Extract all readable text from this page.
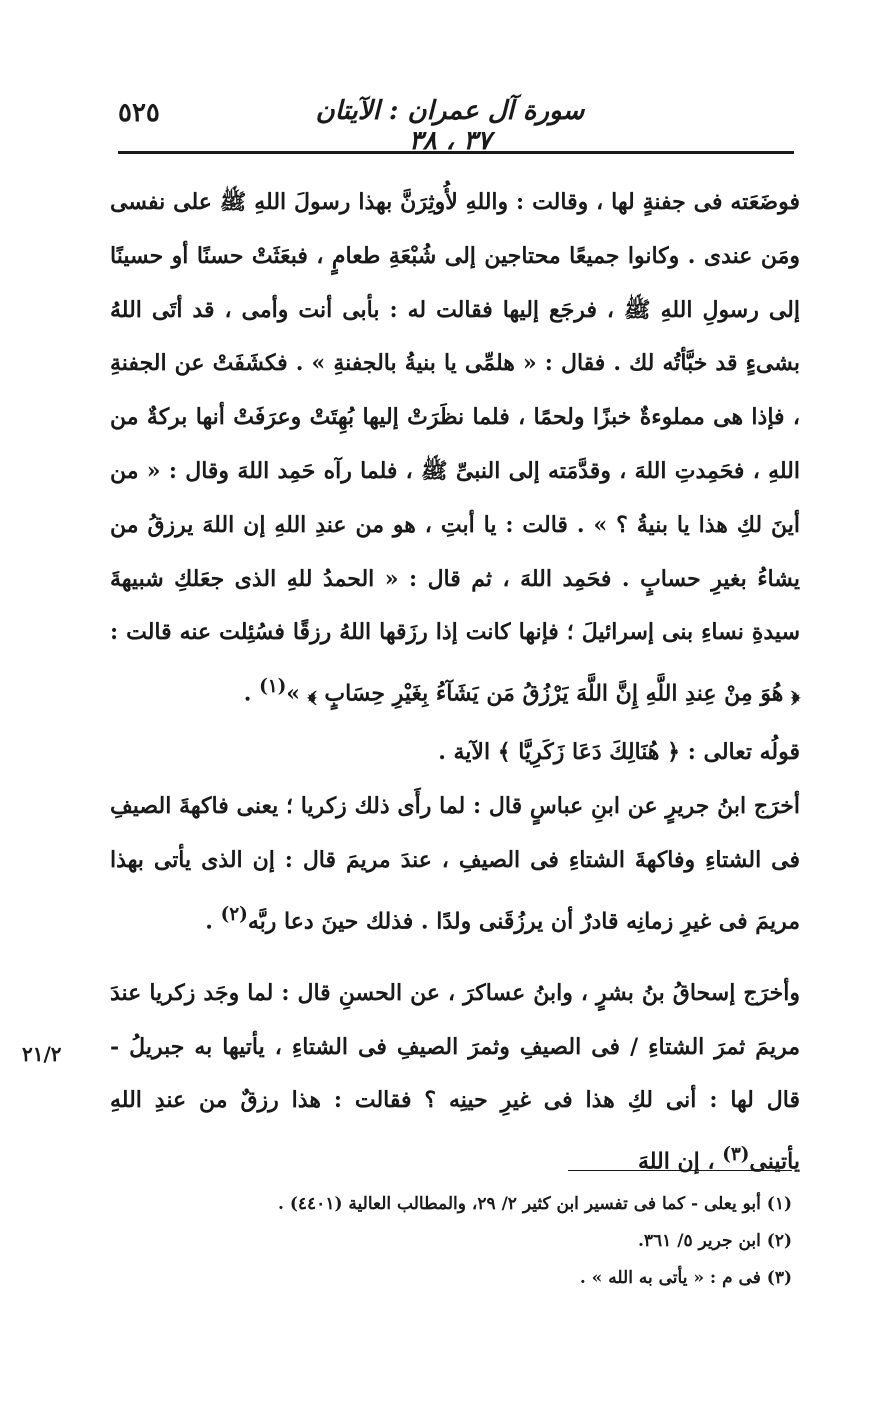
٥٢٥	سورة آل عمران : الآيتان ٣٧ ، ٣٨

فوضَعَته فى جفنةٍ لها ، وقالت : واللهِ لأُوثِرَنَّ بهذا رسولَ اللهِ ﷺ على نفسى ومَن عندى . وكانوا جميعًا محتاجين إلى شُبْعَةِ طعامٍ ، فبعَثَتْ حسنًا أو حسينًا إلى رسولِ اللهِ ﷺ ، فرجَع إليها فقالت له : بأبى أنت وأمى ، قد أتَى اللهُ بشىءٍ قد خبَّأتُه لك . فقال : « هلمِّى يا بنيةُ بالجفنةِ » . فكشَفَتْ عن الجفنةِ ، فإذا هى مملوءةٌ خبزًا ولحمًا ، فلما نظَرَتْ إليها بُهِتَتْ وعرَفَتْ أنها بركةٌ من اللهِ ، فحَمِدتِ اللهَ ، وقدَّمَته إلى النبىِّ ﷺ ، فلما رآه حَمِد اللهَ وقال : « من أينَ لكِ هذا يا بنيةُ ؟ » . قالت : يا أبتِ ، هو من عندِ اللهِ إن اللهَ يرزقُ من يشاءُ بغيرِ حسابٍ . فحَمِد اللهَ ، ثم قال : « الحمدُ للهِ الذى جعَلكِ شبيهةَ سيدةِ نساءِ بنى إسرائيلَ ؛ فإنها كانت إذا رزَقها اللهُ رزقًا فسُئِلت عنه قالت : ﴿ هُوَ مِنْ عِندِ اللَّهِ إِنَّ اللَّهَ يَرْزُقُ مَن يَشَآءُ بِغَيْرِ حِسَابٍ ﴾ »$^{(١)}$ .

قولُه تعالى : ﴿ هُنَالِكَ دَعَا زَكَرِيَّا ﴾ الآية .

أخرَج ابنُ جريرٍ عن ابنِ عباسٍ قال : لما رأَى ذلك زكريا ؛ يعنى فاكهةَ الصيفِ فى الشتاءِ وفاكهةَ الشتاءِ فى الصيفِ ، عندَ مريمَ قال : إن الذى يأتى بهذا مريمَ فى غيرِ زمانِه قادرٌ أن يرزُقَنى ولدًا . فذلك حينَ دعا ربَّه$^{(٢)}$ .

وأخرَج إسحاقُ بنُ بشرٍ ، وابنُ عساكرَ ، عن الحسنِ قال : لما وجَد زكريا عندَ مريمَ ثمرَ الشتاءِ / فى الصيفِ وثمرَ الصيفِ فى الشتاءِ ، يأتيها به جبريلُ - قال لها : أنى لكِ هذا فى غيرِ حينِه ؟ فقالت : هذا رزقٌ من عندِ اللهِ يأتينى$^{(٣)}$ ، إن اللهَ

٢١/٢
(١) أبو يعلى - كما فى تفسير ابن كثير ٢/ ٢٩، والمطالب العالية (٤٤٠١) .
(٢) ابن جرير ٥/ ٣٦١.
(٣) فى م : « يأتى به الله » .
